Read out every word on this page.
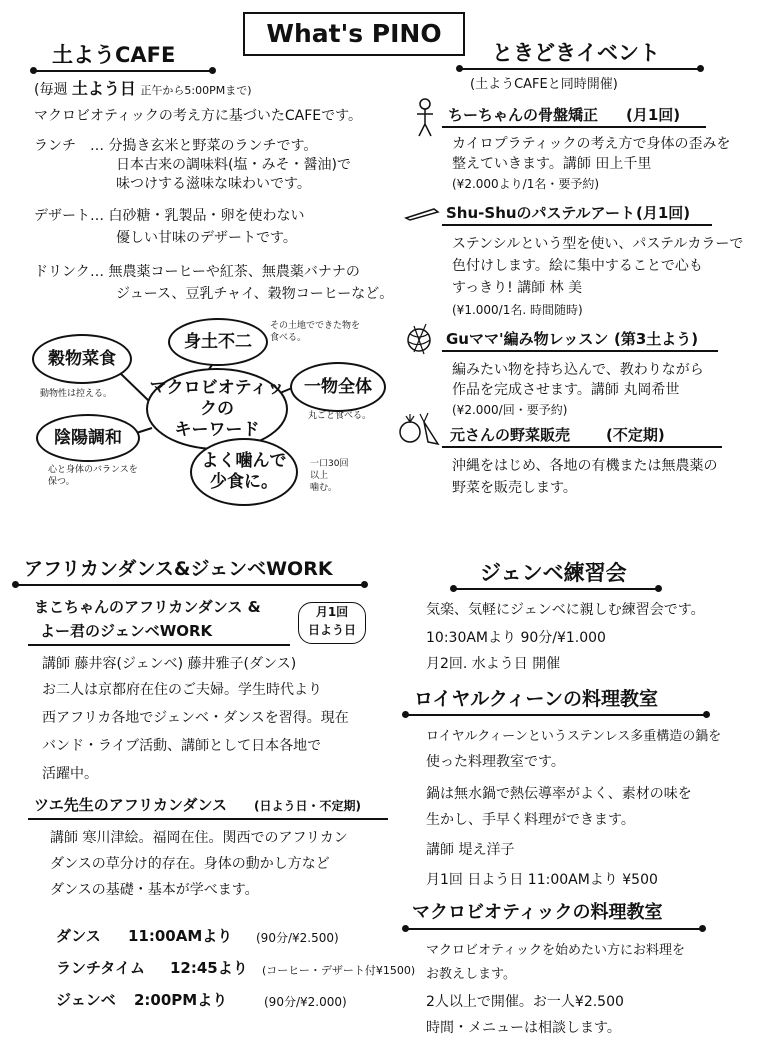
What's PINO
土ようCAFE
(毎週 土よう日 正午から5:00PMまで)
マクロビオティックの考え方に基づいたCAFEです。
ランチ … 分搗き玄米と野菜のランチです。
日本古来の調味料(塩・みそ・醤油)で
味つけする滋味な味わいです。
デザート … 白砂糖・乳製品・卵を使わない
優しい甘味のデザートです。
ドリンク … 無農薬コーヒーや紅茶、無農薬バナナの
ジュース、豆乳チャイ、穀物コーヒーなど。
マクロビオティックの
キーワード
身土不二
穀物菜食
一物全体
陰陽調和
よく噛んで
少食に。
その土地でできた物を
食べる。
動物性は控える。
丸ごと食べる。
心と身体のバランスを
保つ。
一口30回
以上
噛む。
ときどきイベント
(土ようCAFEと同時開催)
ちーちゃんの骨盤矯正 (月1回)
カイロプラティックの考え方で身体の歪みを
整えていきます。講師 田上千里
(¥2.000より/1名・要予約)
Shu-Shuのパステルアート (月1回)
ステンシルという型を使い、パステルカラーで
色付けします。絵に集中することで心も
すっきり! 講師 林 美
(¥1.000/1名. 時間随時)
Guママ'編み物レッスン (第3土よう)
編みたい物を持ち込んで、教わりながら
作品を完成させます。講師 丸岡希世
(¥2.000/回・要予約)
元さんの野菜販売 (不定期)
沖縄をはじめ、各地の有機または無農薬の
野菜を販売します。
アフリカンダンス&ジェンベWORK
まこちゃんのアフリカンダンス &
よー君のジェンベWORK
月1回
日よう日
講師 藤井容(ジェンベ) 藤井雅子(ダンス)
お二人は京都府在住のご夫婦。学生時代より
西アフリカ各地でジェンベ・ダンスを習得。現在
バンド・ライブ活動、講師として日本各地で
活躍中。
ツエ先生のアフリカンダンス (日よう日・不定期)
講師 寒川津絵。福岡在住。関西でのアフリカン
ダンスの草分け的存在。身体の動かし方など
ダンスの基礎・基本が学べます。
ダンス 11:00AMより (90分/¥2.500)
ランチタイム 12:45より (コーヒー・デザート付¥1500)
ジェンベ 2:00PMより	(90分/¥2.000)
ジェンベ練習会
気楽、気軽にジェンベに親しむ練習会です。
10:30AMより 90分/¥1.000
月2回. 水よう日 開催
ロイヤルクィーンの料理教室
ロイヤルクィーンというステンレス多重構造の鍋を
使った料理教室です。
鍋は無水鍋で熱伝導率がよく、素材の味を
生かし、手早く料理ができます。
講師 堤え洋子
月1回 日よう日 11:00AMより ¥500
マクロビオティックの料理教室
マクロビオティックを始めたい方にお料理を
お教えします。
2人以上で開催。お一人¥2.500
時間・メニューは相談します。
